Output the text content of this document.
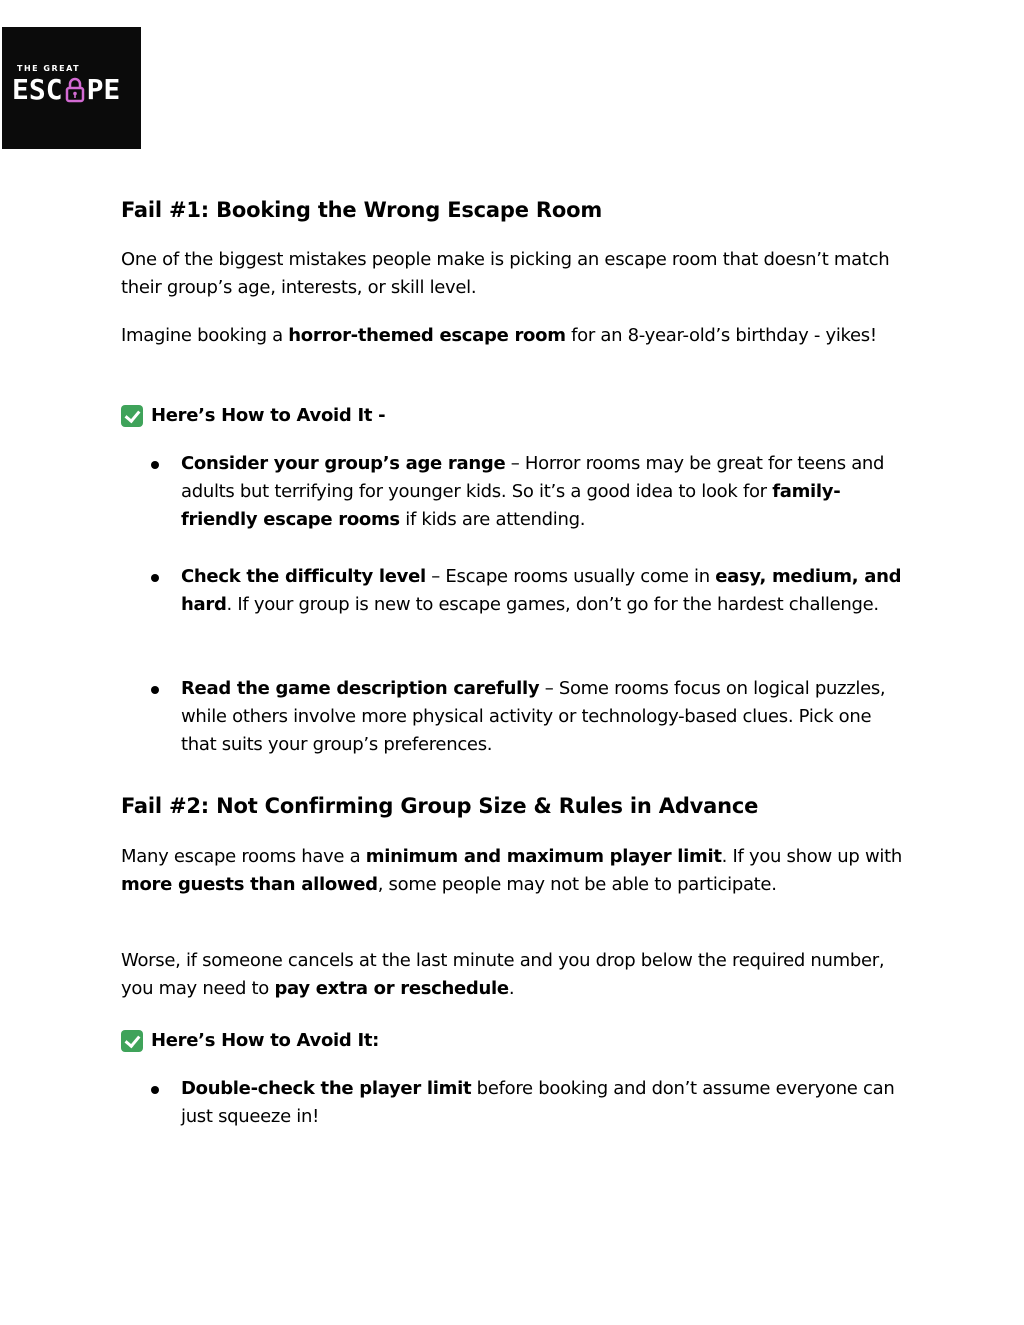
THE GREAT
ESC PE
Fail #1: Booking the Wrong Escape Room
One of the biggest mistakes people make is picking an escape room that doesn’t match their group’s age, interests, or skill level.
Imagine booking a horror-themed escape room for an 8-year-old’s birthday - yikes!
Here’s How to Avoid It -
Consider your group’s age range – Horror rooms may be great for teens and adults but terrifying for younger kids. So it’s a good idea to look for family-friendly escape rooms if kids are attending.
Check the difficulty level – Escape rooms usually come in easy, medium, and hard. If your group is new to escape games, don’t go for the hardest challenge.
Read the game description carefully – Some rooms focus on logical puzzles, while others involve more physical activity or technology-based clues. Pick one that suits your group’s preferences.
Fail #2: Not Confirming Group Size & Rules in Advance
Many escape rooms have a minimum and maximum player limit. If you show up with more guests than allowed, some people may not be able to participate.
Worse, if someone cancels at the last minute and you drop below the required number, you may need to pay extra or reschedule.
Here’s How to Avoid It:
Double-check the player limit before booking and don’t assume everyone can just squeeze in!
